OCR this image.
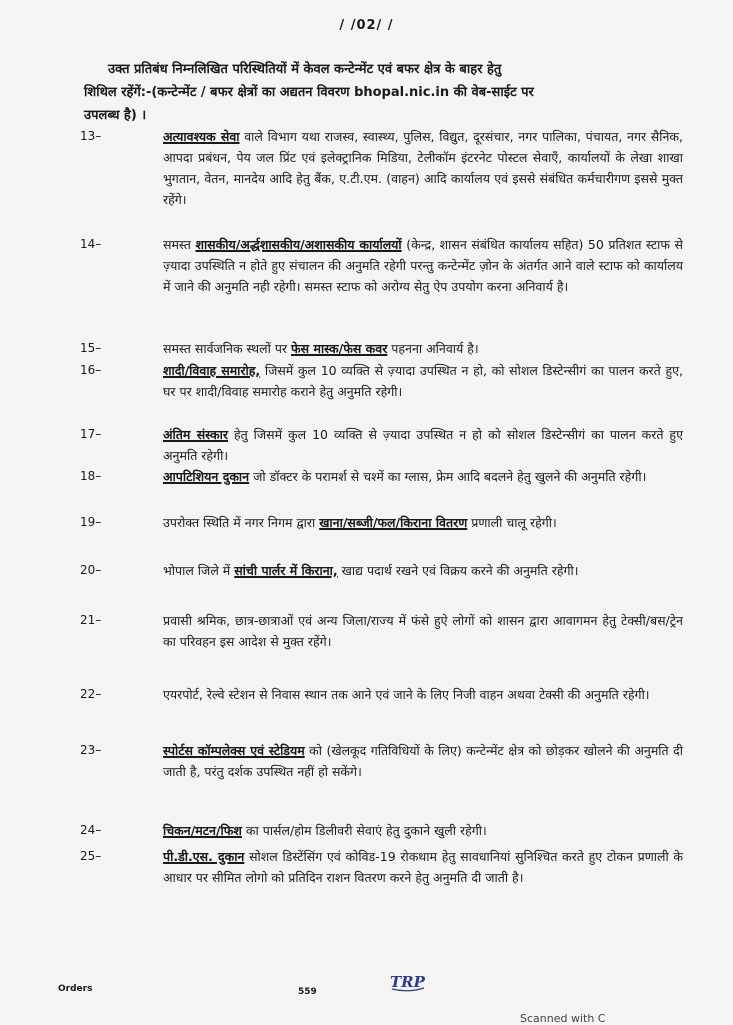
/ /02/ /
उक्त प्रतिबंध निम्नलिखित परिस्थितियों में केवल कन्टेन्मेंट एवं बफर क्षेत्र के बाहर हेतु
शिथिल रहेंगें:-(कन्टेन्मेंट / बफर क्षेत्रों का अद्यतन विवरण bhopal.nic.in की वेब-साईट पर
उपलब्ध है) ।
13–	अत्यावश्यक सेवा वाले विभाग यथा राजस्व, स्वास्थ्य, पुलिस, विद्युत, दूरसंचार, नगर पालिका, पंचायत, नगर सैनिक, आपदा प्रबंधन, पेय जल प्रिंट एवं इलेक्ट्रानिक मिडिया, टेलीकॉम इंटरनेट पोस्टल सेवाएँ, कार्यालयों के लेखा शाखा भुगतान, वेतन, मानदेय आदि हेतु बैंक, ए.टी.एम. (वाहन) आदि कार्यालय एवं इससे संबंधित कर्मचारीगण इससे मुक्त रहेंगे।
14–	समस्त शासकीय/अर्द्धशासकीय/अशासकीय कार्यालयों (केन्द्र, शासन संबंधित कार्यालय सहित) 50 प्रतिशत स्टाफ से ज़्यादा उपस्थिति न होते हुए संचालन की अनुमति रहेगी परन्तु कन्टेन्मेंट ज़ोन के अंतर्गत आने वाले स्टाफ को कार्यालय में जाने की अनुमति नही रहेगी। समस्त स्टाफ को अरोग्य सेतु ऐप उपयोग करना अनिवार्य है।
15–	समस्त सार्वजनिक स्थलों पर फेस मास्क/फेस कवर पहनना अनिवार्य है।
16–	शादी/विवाह समारोह, जिसमें कुल 10 व्यक्ति से ज़्यादा उपस्थित न हो, को सोशल डिस्टेन्सीगं का पालन करते हुए, घर पर शादी/विवाह समारोह कराने हेतु अनुमति रहेगी।
17–	अंतिम संस्कार हेतु जिसमें कुल 10 व्यक्ति से ज़्यादा उपस्थित न हो को सोशल डिस्टेन्सीगं का पालन करते हुए अनुमति रहेगी।
18–	आपटिशियन दुकान जो डॉक्टर के परामर्श से चश्में का ग्लास, फ्रेम आदि बदलने हेतु खुलने की अनुमति रहेगी।
19–	उपरोक्त स्थिति में नगर निगम द्वारा खाना/सब्जी/फल/किराना वितरण प्रणाली चालू रहेगी।
20–	भोपाल जिले में सांची पार्लर में किराना, खाद्य पदार्थ रखने एवं विक्रय करने की अनुमति रहेगी।
21–	प्रवासी श्रमिक, छात्र-छात्राओं एवं अन्य जिला/राज्य में फंसे हुऐ लोगों को शासन द्वारा आवागमन हेतु टेक्सी/बस/ट्रेन का परिवहन इस आदेश से मुक्त रहेंगे।
22–	एयरपोर्ट, रेल्वे स्टेशन से निवास स्थान तक आने एवं जाने के लिए निजी वाहन अथवा टेक्सी की अनुमति रहेगी।
23–	स्पोर्टस कॉम्पलेक्स एवं स्टेडियम को (खेलकूद गतिविधियों के लिए) कन्टेन्मेंट क्षेत्र को छोड़कर खोलने की अनुमति दी जाती है, परंतु दर्शक उपस्थित नहीं हो सकेंगे।
24–	चिकन/मटन/फिश का पार्सल/होम डिलीवरी सेवाएं हेतु दुकाने खुली रहेगी।
25–	पी.डी.एस. दुकान सोशल डिस्टेंसिंग एवं कोविड-19 रोकथाम हेतु सावधानियां सुनिश्चित करते हुए टोकन प्रणाली के आधार पर सीमित लोगो को प्रतिदिन राशन वितरण करने हेतु अनुमति दी जाती है।
Orders	559
TRP
Scanned with C
